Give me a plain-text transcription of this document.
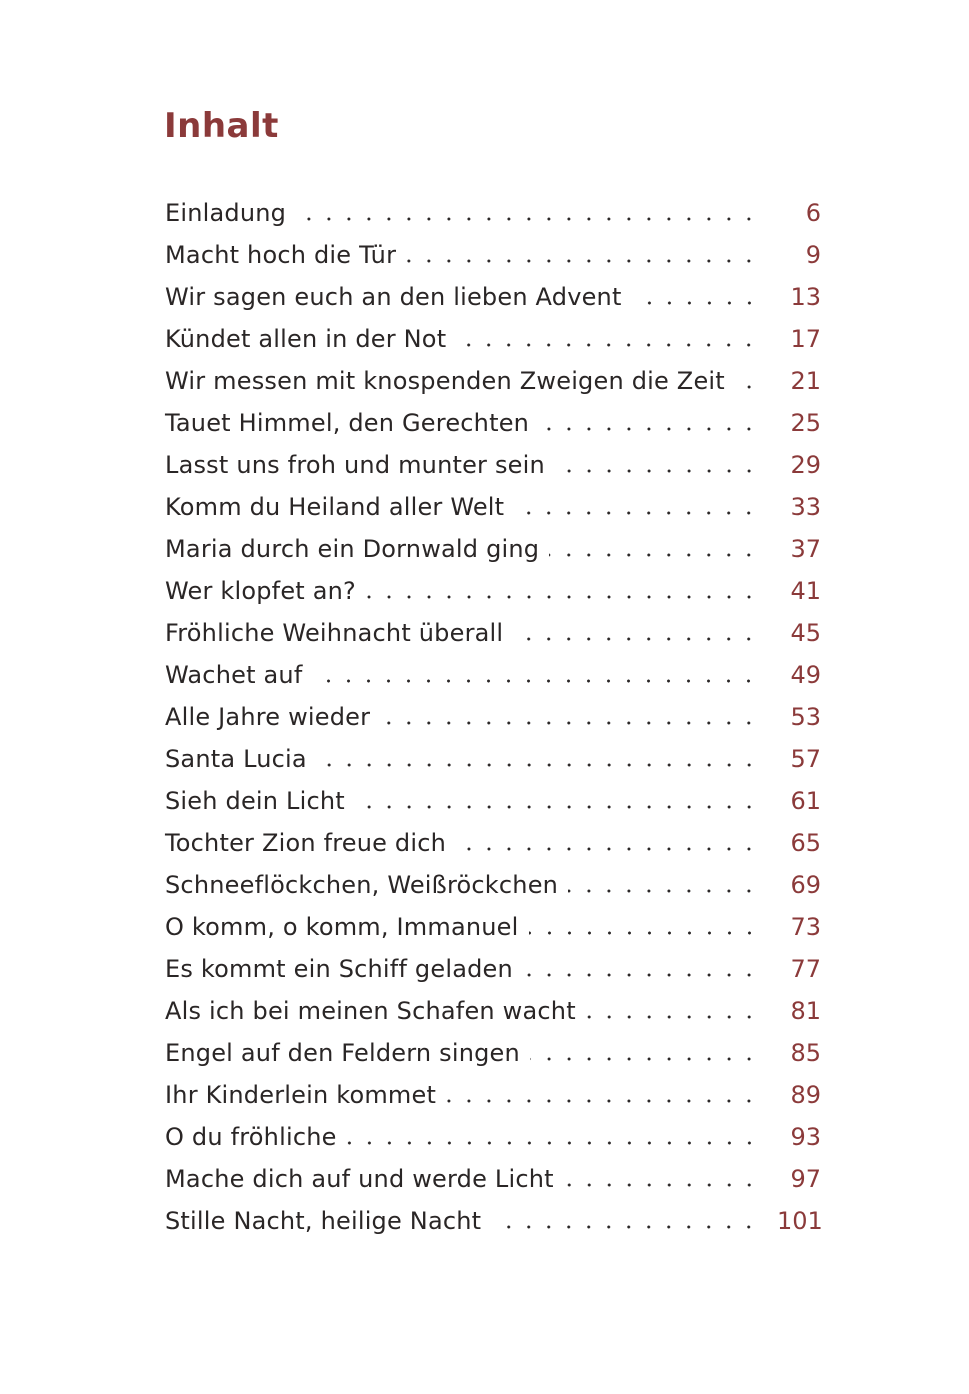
Inhalt
Einladung	6
Macht hoch die Tür	9
Wir sagen euch an den lieben Advent	13
Kündet allen in der Not	17
Wir messen mit knospenden Zweigen die Zeit	21
Tauet Himmel, den Gerechten	25
Lasst uns froh und munter sein	29
Komm du Heiland aller Welt	33
Maria durch ein Dornwald ging	37
Wer klopfet an?	41
Fröhliche Weihnacht überall	45
Wachet auf	49
Alle Jahre wieder	53
Santa Lucia	57
Sieh dein Licht	61
Tochter Zion freue dich	65
Schneeflöckchen, Weißröckchen	69
O komm, o komm, Immanuel	73
Es kommt ein Schiff geladen	77
Als ich bei meinen Schafen wacht	81
Engel auf den Feldern singen	85
Ihr Kinderlein kommet	89
O du fröhliche	93
Mache dich auf und werde Licht	97
Stille Nacht, heilige Nacht	101
